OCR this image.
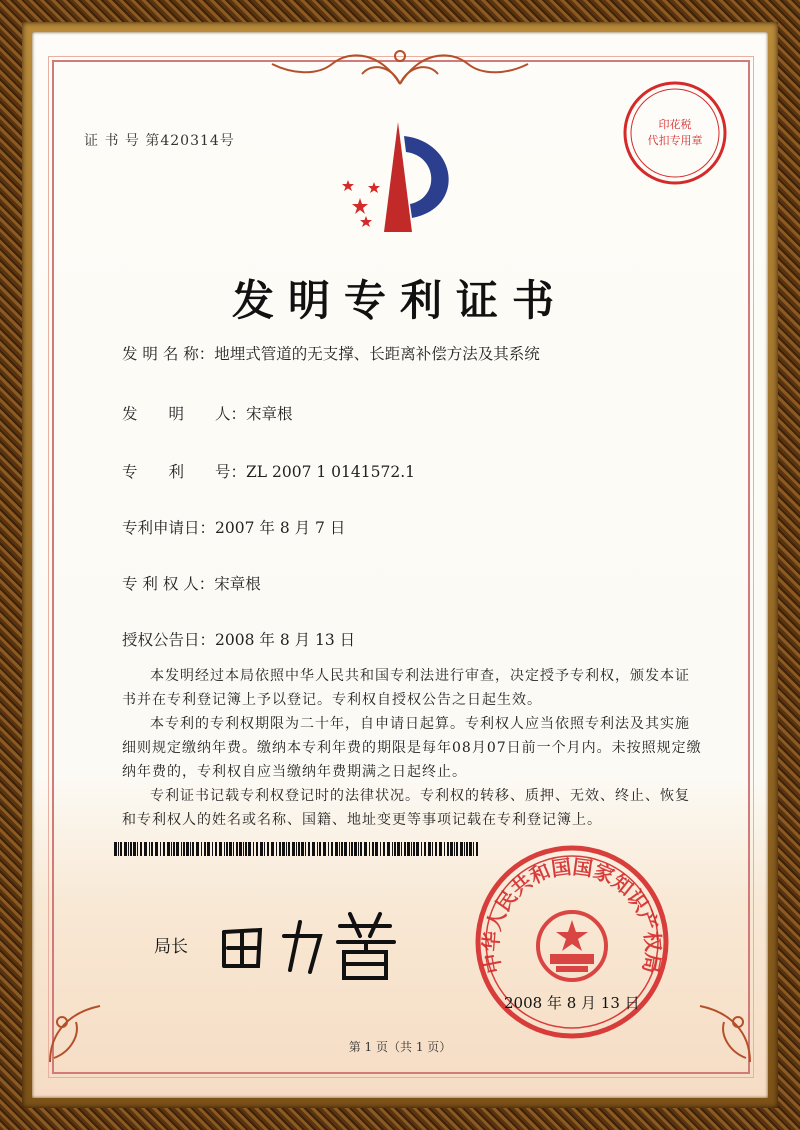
证 书 号 第420314号
印花税
代扣专用章
发明专利证书
发 明 名 称：地埋式管道的无支撑、长距离补偿方法及其系统
发　　明　　人：宋章根
专　　利　　号：ZL 2007 1 0141572.1
专利申请日：2007 年 8 月 7 日
专 利 权 人：宋章根
授权公告日：2008 年 8 月 13 日

本发明经过本局依照中华人民共和国专利法进行审查，决定授予专利权，颁发本证书并在专利登记簿上予以登记。专利权自授权公告之日起生效。

本专利的专利权期限为二十年，自申请日起算。专利权人应当依照专利法及其实施细则规定缴纳年费。缴纳本专利年费的期限是每年08月07日前一个月内。未按照规定缴纳年费的，专利权自应当缴纳年费期满之日起终止。

专利证书记载专利权登记时的法律状况。专利权的转移、质押、无效、终止、恢复和专利权人的姓名或名称、国籍、地址变更等事项记载在专利登记簿上。

局长
中华人民共和国国家知识产权局
2008 年 8 月 13 日
第 1 页（共 1 页）
